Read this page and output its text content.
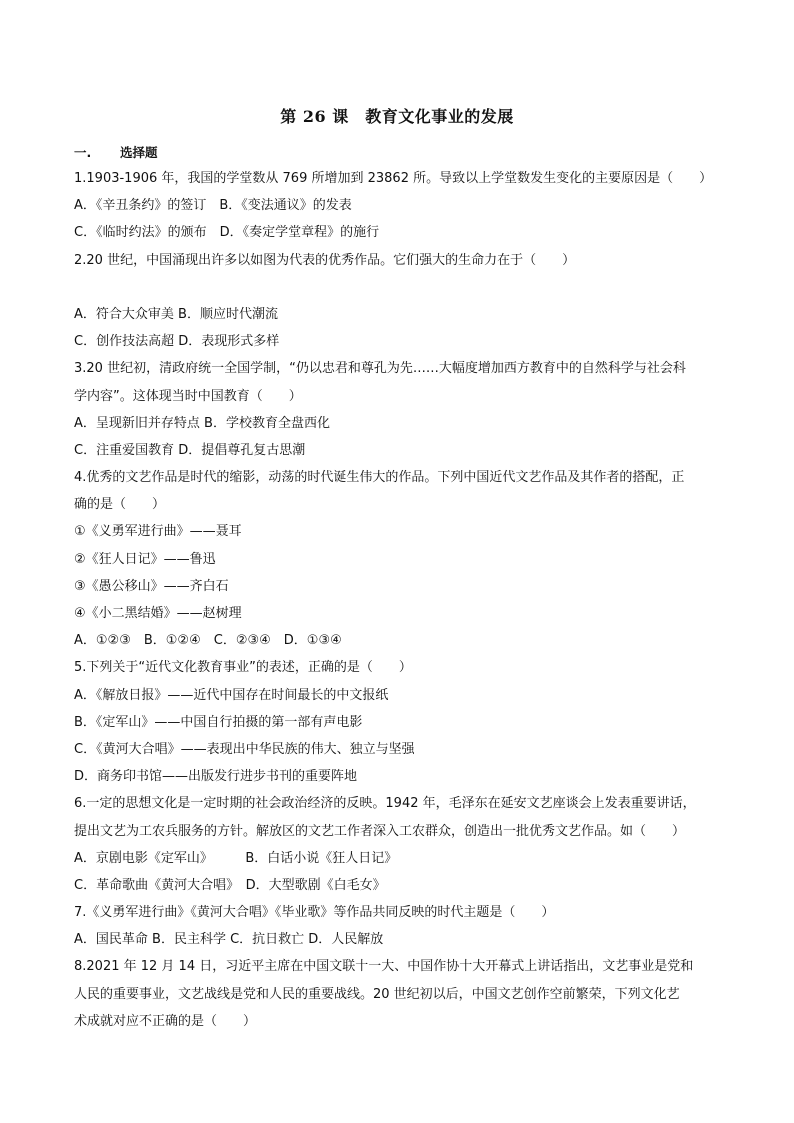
第 26 课　教育文化事业的发展
一. 选择题
1.1903-1906 年，我国的学堂数从 769 所增加到 23862 所。导致以上学堂数发生变化的主要原因是（　　）
A．《辛丑条约》的签订　B．《变法通议》的发表
C．《临时约法》的颁布　D．《奏定学堂章程》的施行
2.20 世纪，中国涌现出许多以如图为代表的优秀作品。它们强大的生命力在于（　　）
A．符合大众审美 B．顺应时代潮流
C．创作技法高超 D．表现形式多样
3.20 世纪初，清政府统一全国学制，“仍以忠君和尊孔为先……大幅度增加西方教育中的自然科学与社会科
学内容”。这体现当时中国教育（　　）
A．呈现新旧并存特点 B．学校教育全盘西化
C．注重爱国教育 D．提倡尊孔复古思潮
4.优秀的文艺作品是时代的缩影，动荡的时代诞生伟大的作品。下列中国近代文艺作品及其作者的搭配，正
确的是（　　）
①《义勇军进行曲》——聂耳
②《狂人日记》——鲁迅
③《愚公移山》——齐白石
④《小二黑结婚》——赵树理
A．①②③　B．①②④　C．②③④　D．①③④
5.下列关于“近代文化教育事业”的表述，正确的是（　　）
A．《解放日报》——近代中国存在时间最长的中文报纸
B．《定军山》——中国自行拍摄的第一部有声电影
C．《黄河大合唱》——表现出中华民族的伟大、独立与坚强
D．商务印书馆——出版发行进步书刊的重要阵地
6.一定的思想文化是一定时期的社会政治经济的反映。1942 年，毛泽东在延安文艺座谈会上发表重要讲话，
提出文艺为工农兵服务的方针。解放区的文艺工作者深入工农群众，创造出一批优秀文艺作品。如（　　）
A．京剧电影《定军山》　　　B．白话小说《狂人日记》
C．革命歌曲《黄河大合唱》　D．大型歌剧《白毛女》
7.《义勇军进行曲》《黄河大合唱》《毕业歌》等作品共同反映的时代主题是（　　）
A．国民革命 B．民主科学 C．抗日救亡 D．人民解放
8.2021 年 12 月 14 日，习近平主席在中国文联十一大、中国作协十大开幕式上讲话指出，文艺事业是党和
人民的重要事业，文艺战线是党和人民的重要战线。20 世纪初以后，中国文艺创作空前繁荣，下列文化艺
术成就对应不正确的是（　　）
